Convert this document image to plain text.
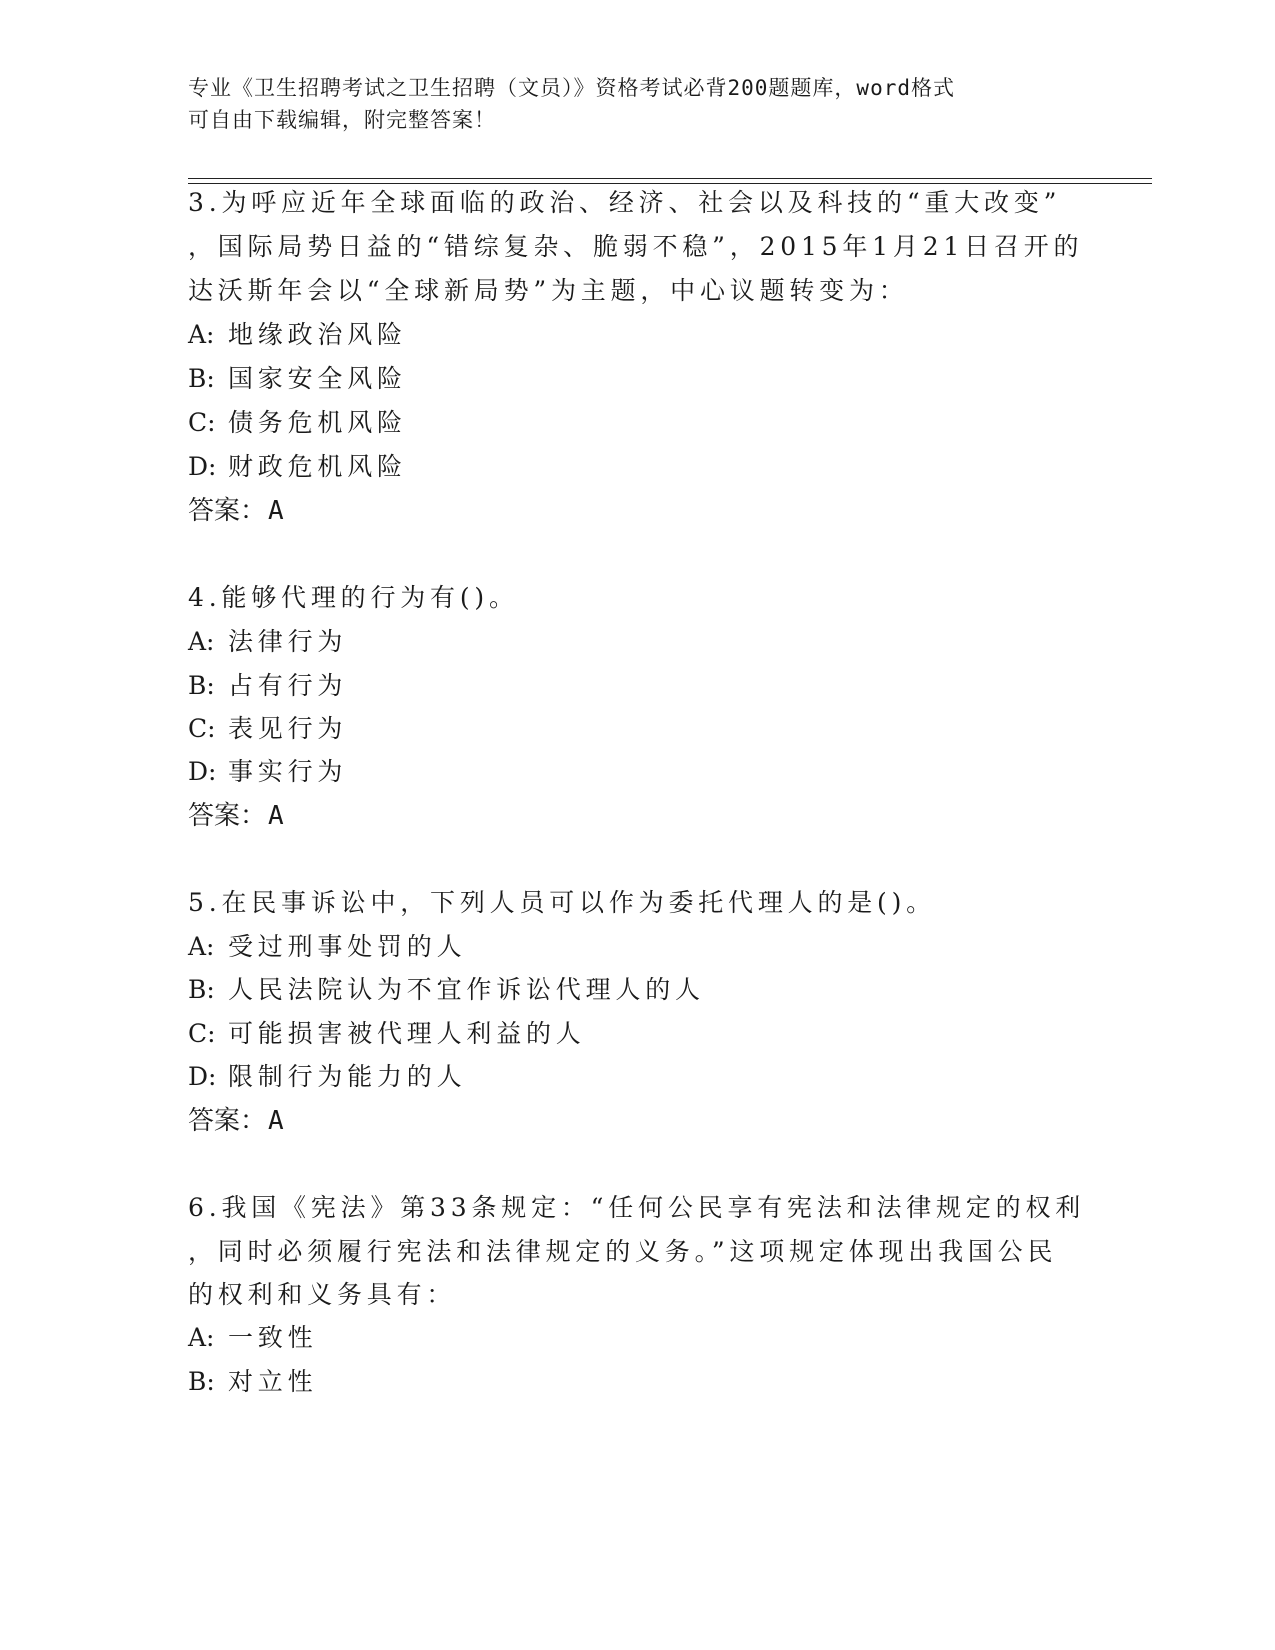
专业《卫生招聘考试之卫生招聘（文员）》资格考试必背200题题库，word格式
可自由下载编辑，附完整答案！
3.为呼应近年全球面临的政治、经济、社会以及科技的“重大改变”
，国际局势日益的“错综复杂、脆弱不稳”，2015年1月21日召开的
达沃斯年会以“全球新局势”为主题，中心议题转变为：
A: 地缘政治风险
B: 国家安全风险
C: 债务危机风险
D: 财政危机风险
答案：A
4.能够代理的行为有()。
A: 法律行为
B: 占有行为
C: 表见行为
D: 事实行为
答案：A
5.在民事诉讼中，下列人员可以作为委托代理人的是()。
A: 受过刑事处罚的人
B: 人民法院认为不宜作诉讼代理人的人
C: 可能损害被代理人利益的人
D: 限制行为能力的人
答案：A
6.我国《宪法》第33条规定：“任何公民享有宪法和法律规定的权利
，同时必须履行宪法和法律规定的义务。”这项规定体现出我国公民
的权利和义务具有：
A: 一致性
B: 对立性
